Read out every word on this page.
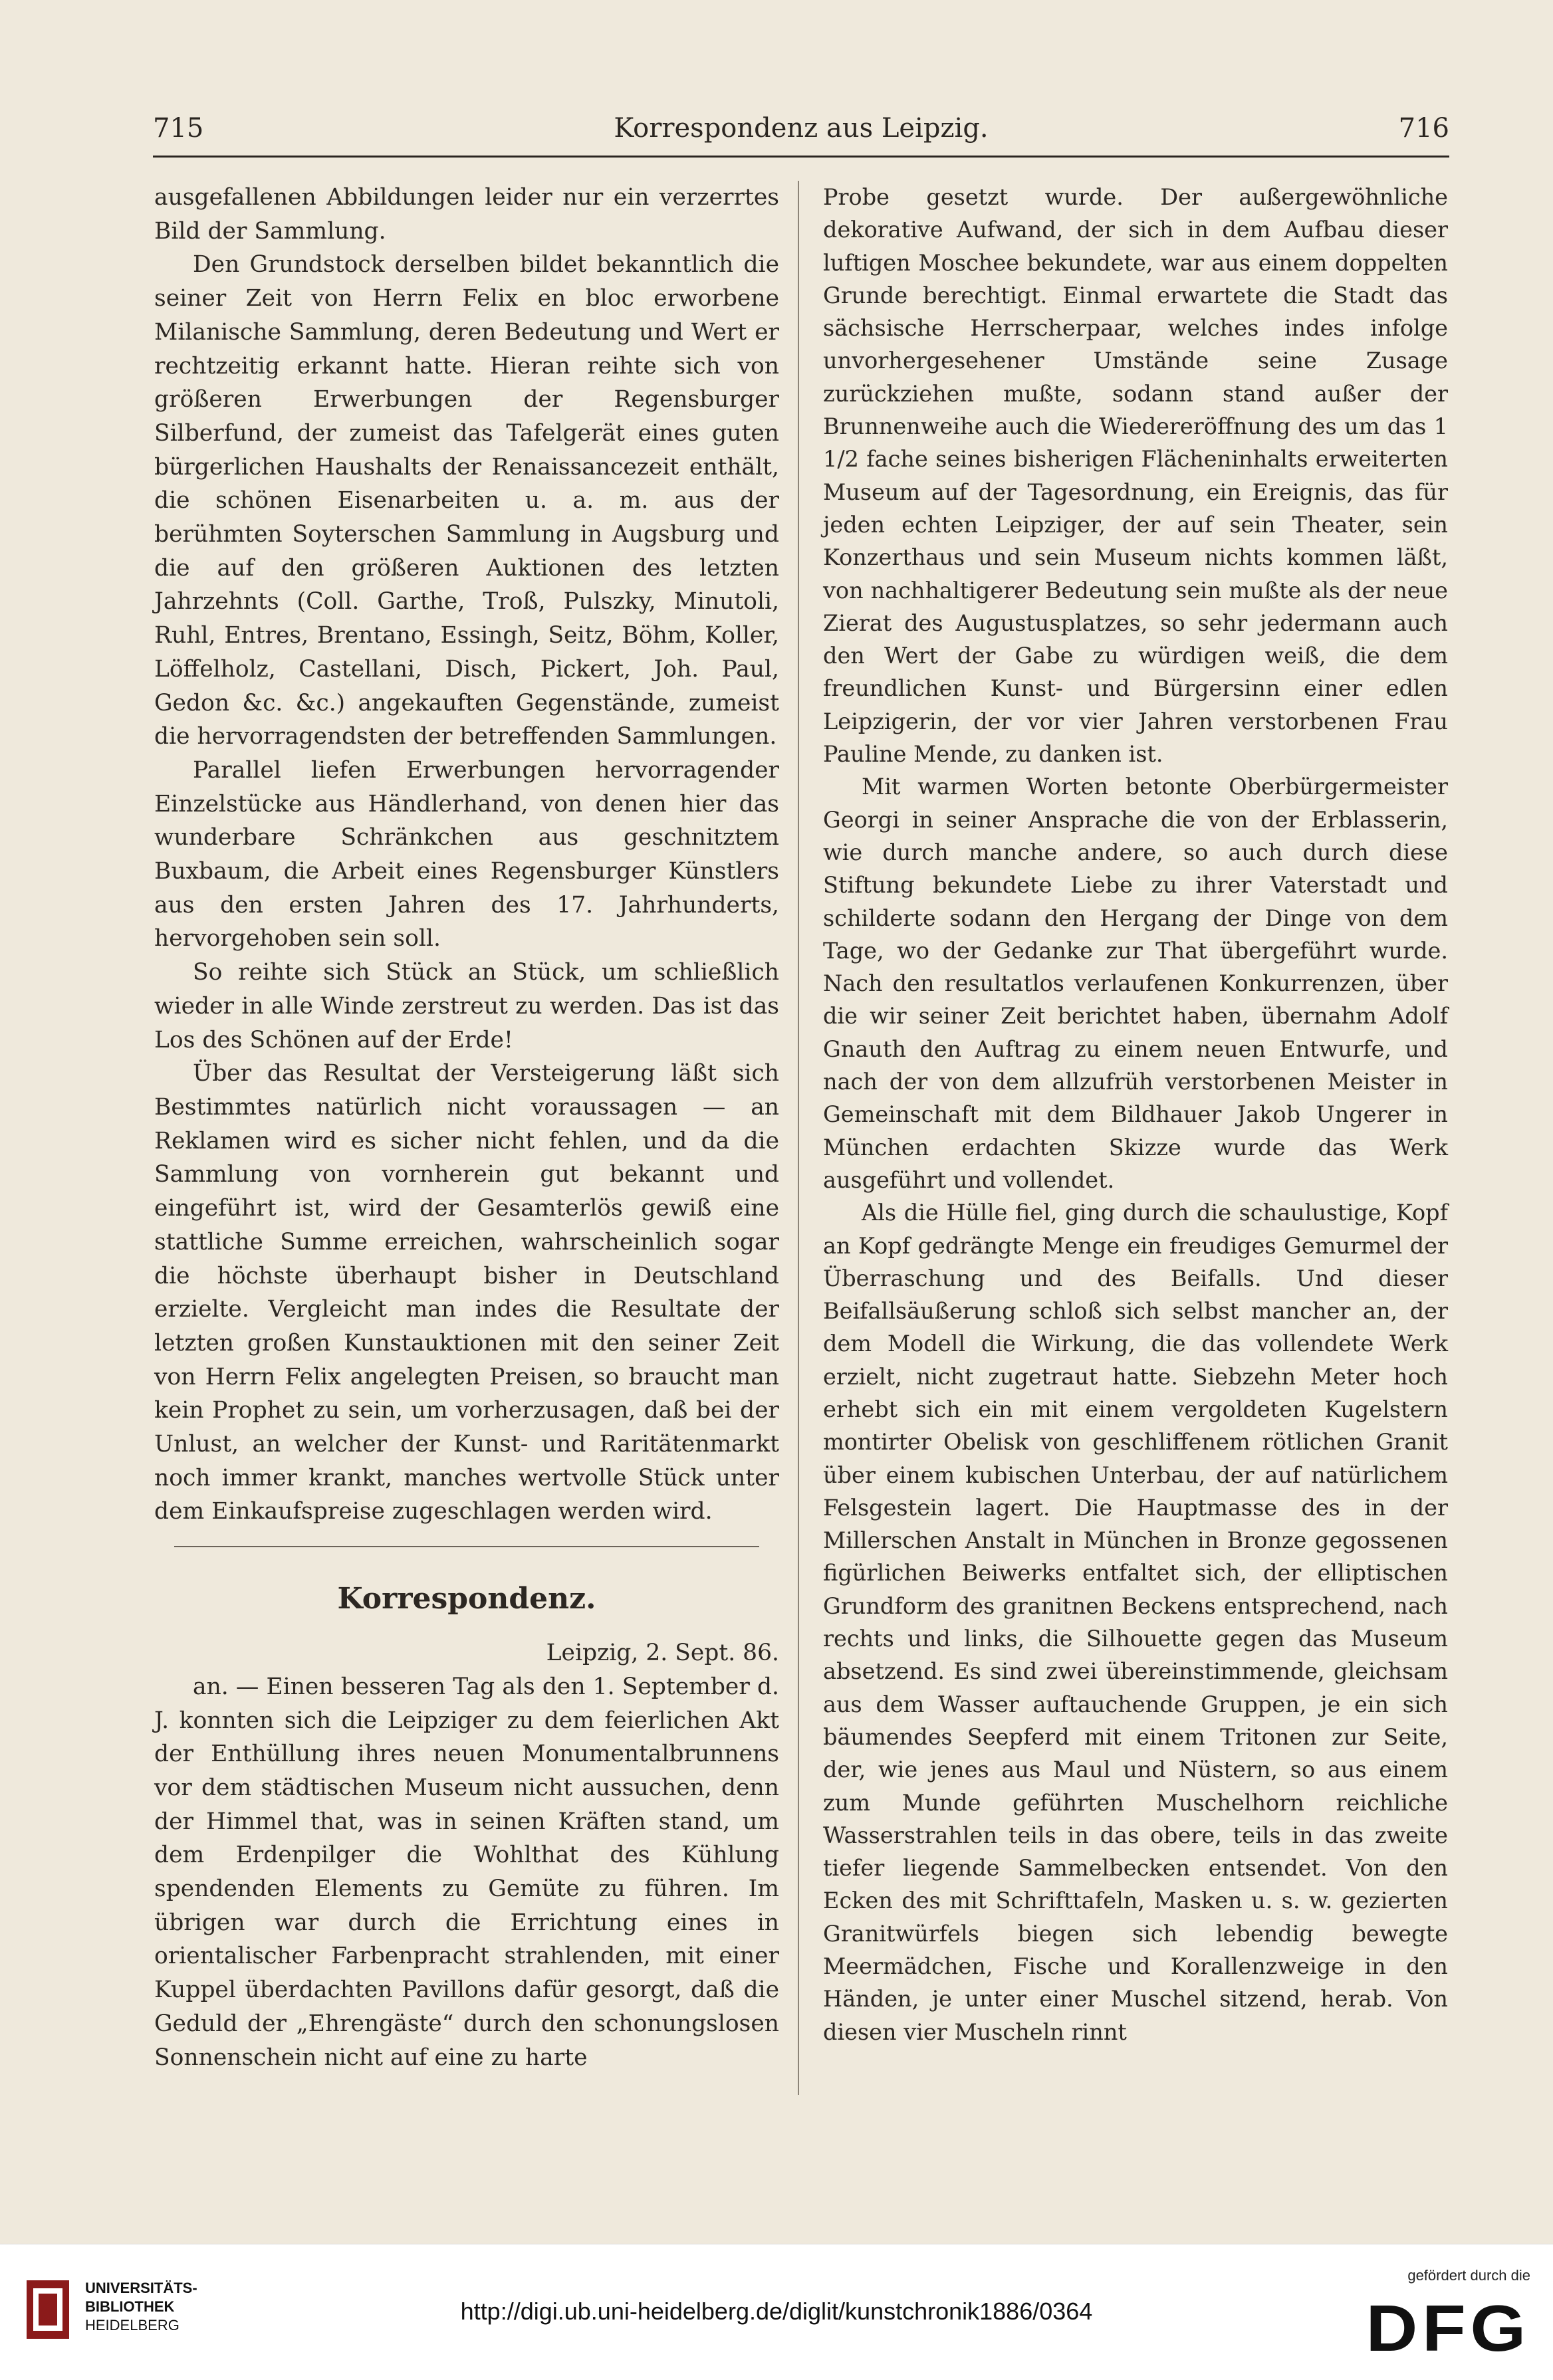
715	Korrespondenz aus Leipzig.	716

ausgefallenen Abbildungen leider nur ein verzerrtes Bild der Sammlung.

Den Grundstock derselben bildet bekanntlich die seiner Zeit von Herrn Felix en bloc erworbene Milanische Sammlung, deren Bedeutung und Wert er rechtzeitig erkannt hatte. Hieran reihte sich von größeren Erwerbungen der Regensburger Silberfund, der zumeist das Tafelgerät eines guten bürgerlichen Haushalts der Renaissancezeit enthält, die schönen Eisenarbeiten u. a. m. aus der berühmten Soyterschen Sammlung in Augsburg und die auf den größeren Auktionen des letzten Jahrzehnts (Coll. Garthe, Troß, Pulszky, Minutoli, Ruhl, Entres, Brentano, Essingh, Seitz, Böhm, Koller, Löffelholz, Castellani, Disch, Pickert, Joh. Paul, Gedon &c. &c.) angekauften Gegenstände, zumeist die hervorragendsten der betreffenden Sammlungen.

Parallel liefen Erwerbungen hervorragender Einzelstücke aus Händlerhand, von denen hier das wunderbare Schränkchen aus geschnitztem Buxbaum, die Arbeit eines Regensburger Künstlers aus den ersten Jahren des 17. Jahrhunderts, hervorgehoben sein soll.

So reihte sich Stück an Stück, um schließlich wieder in alle Winde zerstreut zu werden. Das ist das Los des Schönen auf der Erde!

Über das Resultat der Versteigerung läßt sich Bestimmtes natürlich nicht voraussagen — an Reklamen wird es sicher nicht fehlen, und da die Sammlung von vornherein gut bekannt und eingeführt ist, wird der Gesamterlös gewiß eine stattliche Summe erreichen, wahrscheinlich sogar die höchste überhaupt bisher in Deutschland erzielte. Vergleicht man indes die Resultate der letzten großen Kunstauktionen mit den seiner Zeit von Herrn Felix angelegten Preisen, so braucht man kein Prophet zu sein, um vorherzusagen, daß bei der Unlust, an welcher der Kunst- und Raritätenmarkt noch immer krankt, manches wertvolle Stück unter dem Einkaufspreise zugeschlagen werden wird.

Korrespondenz.

Leipzig, 2. Sept. 86.

an. — Einen besseren Tag als den 1. September d. J. konnten sich die Leipziger zu dem feierlichen Akt der Enthüllung ihres neuen Monumentalbrunnens vor dem städtischen Museum nicht aussuchen, denn der Himmel that, was in seinen Kräften stand, um dem Erdenpilger die Wohlthat des Kühlung spendenden Elements zu Gemüte zu führen. Im übrigen war durch die Errichtung eines in orientalischer Farbenpracht strahlenden, mit einer Kuppel überdachten Pavillons dafür gesorgt, daß die Geduld der „Ehrengäste“ durch den schonungslosen Sonnenschein nicht auf eine zu harte

Probe gesetzt wurde. Der außergewöhnliche dekorative Aufwand, der sich in dem Aufbau dieser luftigen Moschee bekundete, war aus einem doppelten Grunde berechtigt. Einmal erwartete die Stadt das sächsische Herrscherpaar, welches indes infolge unvorhergesehener Umstände seine Zusage zurückziehen mußte, sodann stand außer der Brunnenweihe auch die Wiedereröffnung des um das 1 1/2 fache seines bisherigen Flächeninhalts erweiterten Museum auf der Tagesordnung, ein Ereignis, das für jeden echten Leipziger, der auf sein Theater, sein Konzerthaus und sein Museum nichts kommen läßt, von nachhaltigerer Bedeutung sein mußte als der neue Zierat des Augustusplatzes, so sehr jedermann auch den Wert der Gabe zu würdigen weiß, die dem freundlichen Kunst- und Bürgersinn einer edlen Leipzigerin, der vor vier Jahren verstorbenen Frau Pauline Mende, zu danken ist.

Mit warmen Worten betonte Oberbürgermeister Georgi in seiner Ansprache die von der Erblasserin, wie durch manche andere, so auch durch diese Stiftung bekundete Liebe zu ihrer Vaterstadt und schilderte sodann den Hergang der Dinge von dem Tage, wo der Gedanke zur That übergeführt wurde. Nach den resultatlos verlaufenen Konkurrenzen, über die wir seiner Zeit berichtet haben, übernahm Adolf Gnauth den Auftrag zu einem neuen Entwurfe, und nach der von dem allzufrüh verstorbenen Meister in Gemeinschaft mit dem Bildhauer Jakob Ungerer in München erdachten Skizze wurde das Werk ausgeführt und vollendet.

Als die Hülle fiel, ging durch die schaulustige, Kopf an Kopf gedrängte Menge ein freudiges Gemurmel der Überraschung und des Beifalls. Und dieser Beifallsäußerung schloß sich selbst mancher an, der dem Modell die Wirkung, die das vollendete Werk erzielt, nicht zugetraut hatte. Siebzehn Meter hoch erhebt sich ein mit einem vergoldeten Kugelstern montirter Obelisk von geschliffenem rötlichen Granit über einem kubischen Unterbau, der auf natürlichem Felsgestein lagert. Die Hauptmasse des in der Millerschen Anstalt in München in Bronze gegossenen figürlichen Beiwerks entfaltet sich, der elliptischen Grundform des granitnen Beckens entsprechend, nach rechts und links, die Silhouette gegen das Museum absetzend. Es sind zwei übereinstimmende, gleichsam aus dem Wasser auftauchende Gruppen, je ein sich bäumendes Seepferd mit einem Tritonen zur Seite, der, wie jenes aus Maul und Nüstern, so aus einem zum Munde geführten Muschelhorn reichliche Wasserstrahlen teils in das obere, teils in das zweite tiefer liegende Sammelbecken entsendet. Von den Ecken des mit Schrifttafeln, Masken u. s. w. gezierten Granitwürfels biegen sich lebendig bewegte Meermädchen, Fische und Korallenzweige in den Händen, je unter einer Muschel sitzend, herab. Von diesen vier Muscheln rinnt

UNIVERSITÄTS-
BIBLIOTHEK
HEIDELBERG
http://digi.ub.uni-heidelberg.de/diglit/kunstchronik1886/0364
gefördert durch die
DFG
